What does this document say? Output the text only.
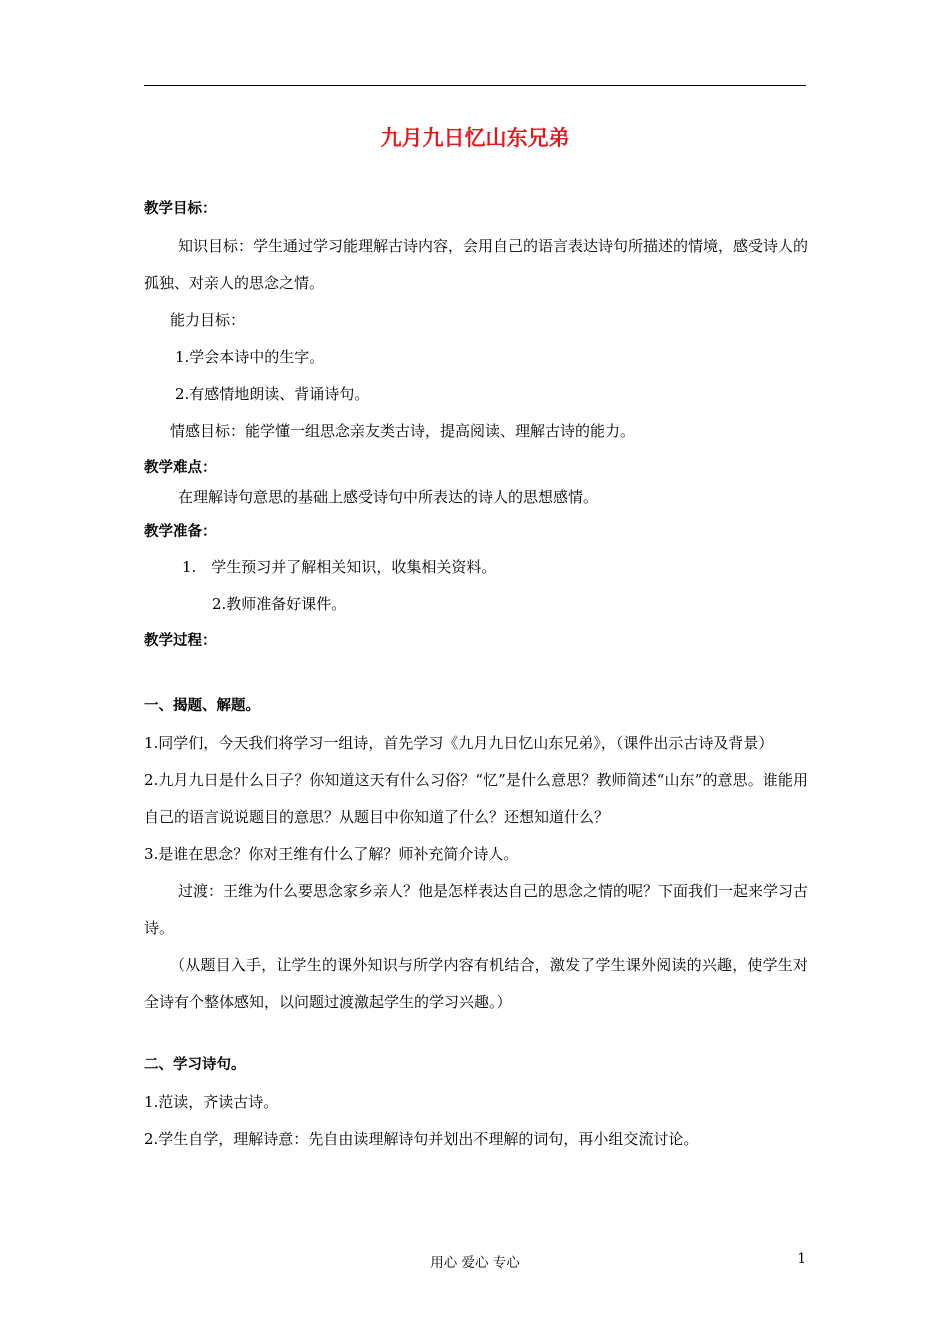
九月九日忆山东兄弟
教学目标：
知识目标：学生通过学习能理解古诗内容，会用自己的语言表达诗句所描述的情境，感受诗人的孤独、对亲人的思念之情。
能力目标：
1.学会本诗中的生字。
2.有感情地朗读、背诵诗句。
情感目标：能学懂一组思念亲友类古诗，提高阅读、理解古诗的能力。
教学难点：
在理解诗句意思的基础上感受诗句中所表达的诗人的思想感情。
教学准备：
1.　学生预习并了解相关知识，收集相关资料。
2.教师准备好课件。
教学过程：
一、揭题、解题。
1.同学们，今天我们将学习一组诗，首先学习《九月九日忆山东兄弟》，（课件出示古诗及背景）
2.九月九日是什么日子？你知道这天有什么习俗？“忆”是什么意思？教师简述“山东”的意思。谁能用自己的语言说说题目的意思？从题目中你知道了什么？还想知道什么？
3.是谁在思念？你对王维有什么了解？师补充简介诗人。
过渡：王维为什么要思念家乡亲人？他是怎样表达自己的思念之情的呢？下面我们一起来学习古诗。
（从题目入手，让学生的课外知识与所学内容有机结合，激发了学生课外阅读的兴趣，使学生对全诗有个整体感知，以问题过渡激起学生的学习兴趣。）
二、学习诗句。
1.范读，齐读古诗。
2.学生自学，理解诗意：先自由读理解诗句并划出不理解的词句，再小组交流讨论。
用心 爱心 专心	1
